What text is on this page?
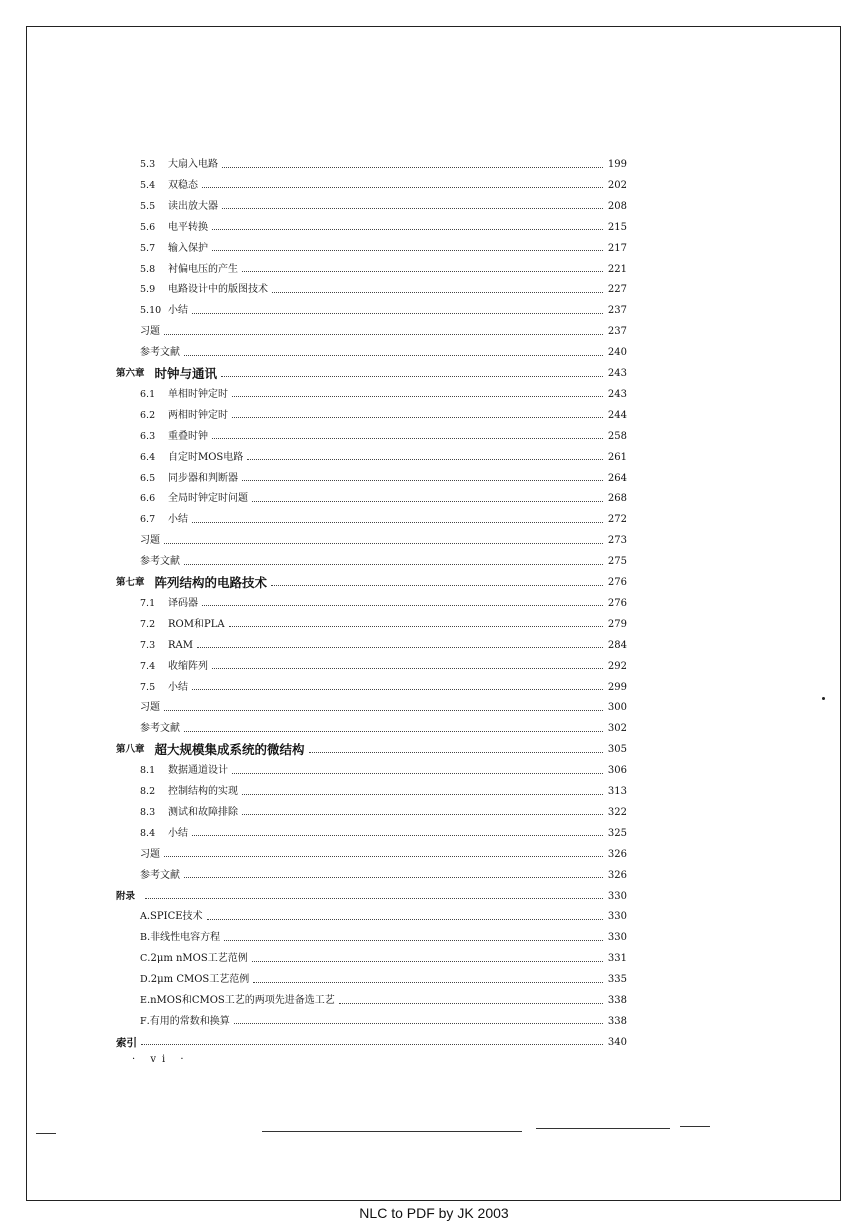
5.3	大扇入电路	199
5.4	双稳态	202
5.5	读出放大器	208
5.6	电平转换	215
5.7	输入保护	217
5.8	衬偏电压的产生	221
5.9	电路设计中的版图技术	227
5.10 小结	237
习题	237
参考文献	240
第六章 时钟与通讯	243
6.1	单相时钟定时	243
6.2	两相时钟定时	244
6.3	重叠时钟	258
6.4	自定时MOS电路	261
6.5	同步器和判断器	264
6.6	全局时钟定时问题	268
6.7	小结	272
习题	273
参考文献	275
第七章 阵列结构的电路技术	276
7.1	译码器	276
7.2	ROM和PLA	279
7.3	RAM	284
7.4	收缩阵列	292
7.5	小结	299
习题	300
参考文献	302
第八章 超大规模集成系统的微结构	305
8.1	数据通道设计	306
8.2	控制结构的实现	313
8.3	测试和故障排除	322
8.4	小结	325
习题	326
参考文献	326
附录	330
A .SPICE技术	330
B .非线性电容方程	330
C .2μm nMOS工艺范例	331
D .2μm CMOS工艺范例	335
E .nMOS和CMOS工艺的两项先进备选工艺	338
F .有用的常数和换算	338
索引	340
· vi ·
NLC to PDF by JK 2003
